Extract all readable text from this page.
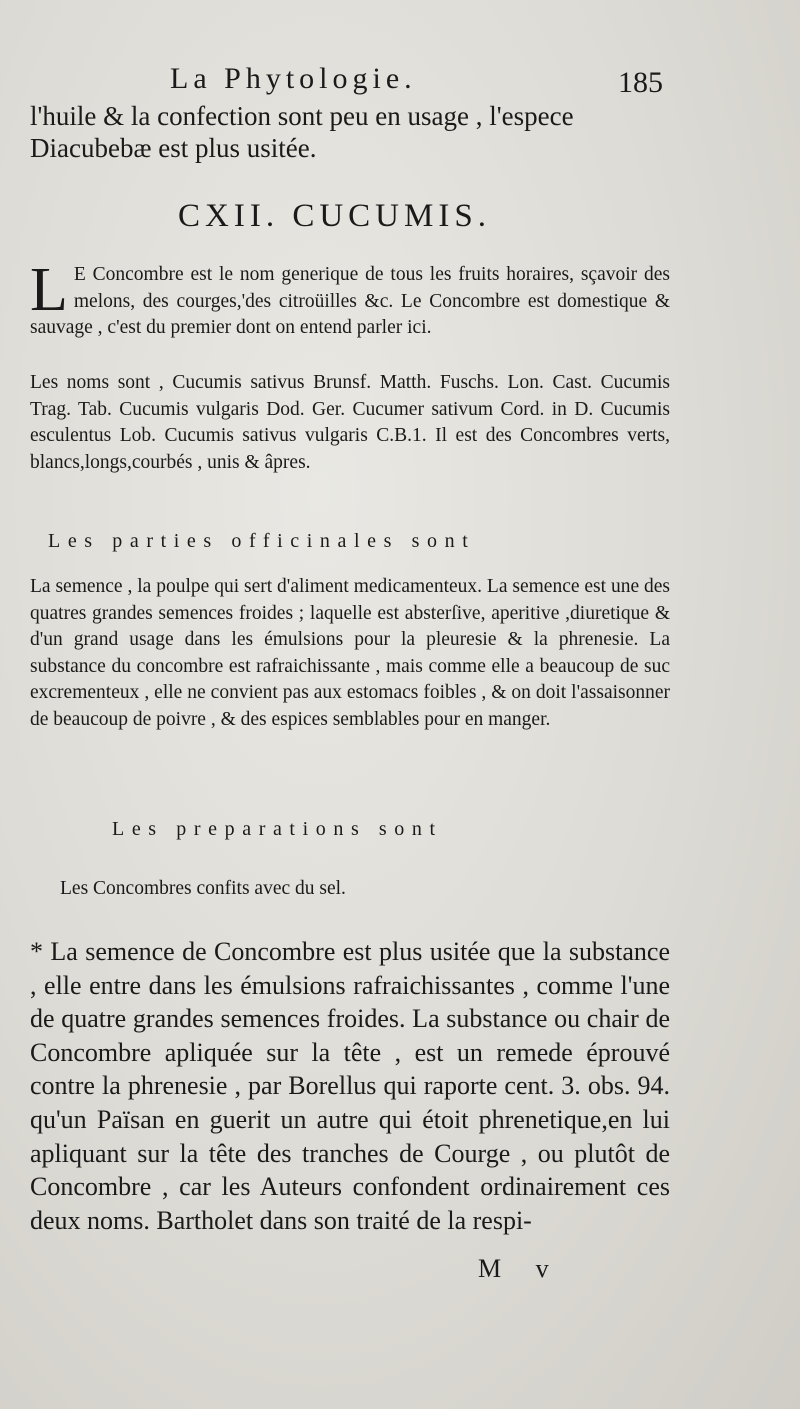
La Phytologie.	185
l'huile & la confection sont peu en usage , l'espece
Diacubebæ est plus usitée.
CXII. CUCUMIS.
L E Concombre est le nom generique de tous les fruits horaires, sçavoir des melons, des courges,'des citroüilles &c. Le Concombre est domestique & sauvage , c'est du premier dont on entend parler ici.
Les noms sont , Cucumis sativus Brunsf. Matth. Fuschs. Lon. Cast. Cucumis Trag. Tab. Cucumis vulgaris Dod. Ger. Cucumer sativum Cord. in D. Cucumis esculentus Lob. Cucumis sativus vulgaris C.B.1. Il est des Concombres verts, blancs,longs,courbés , unis & âpres.
Les parties officinales sont
La semence , la poulpe qui sert d'aliment medicamenteux. La semence est une des quatres grandes semences froides ; laquelle est absterſive, aperitive ,diuretique & d'un grand usage dans les émulsions pour la pleuresie & la phrenesie. La substance du concombre est rafraichissante , mais comme elle a beaucoup de suc excrementeux , elle ne convient pas aux estomacs foibles , & on doit l'assaisonner de beaucoup de poivre , & des espices semblables pour en manger.
Les preparations sont
Les Concombres confits avec du sel.
* La semence de Concombre est plus usitée que la substance , elle entre dans les émulsions rafraichissantes , comme l'une de quatre grandes semences froides. La substance ou chair de Concombre apliquée sur la tête , est un remede éprouvé contre la phrenesie , par Borellus qui raporte cent. 3. obs. 94. qu'un Païsan en guerit un autre qui étoit phrenetique,en lui apliquant sur la tête des tranches de Courge , ou plutôt de Concombre , car les Auteurs confondent ordinairement ces deux noms. Bartholet dans son traité de la respi-
M v
